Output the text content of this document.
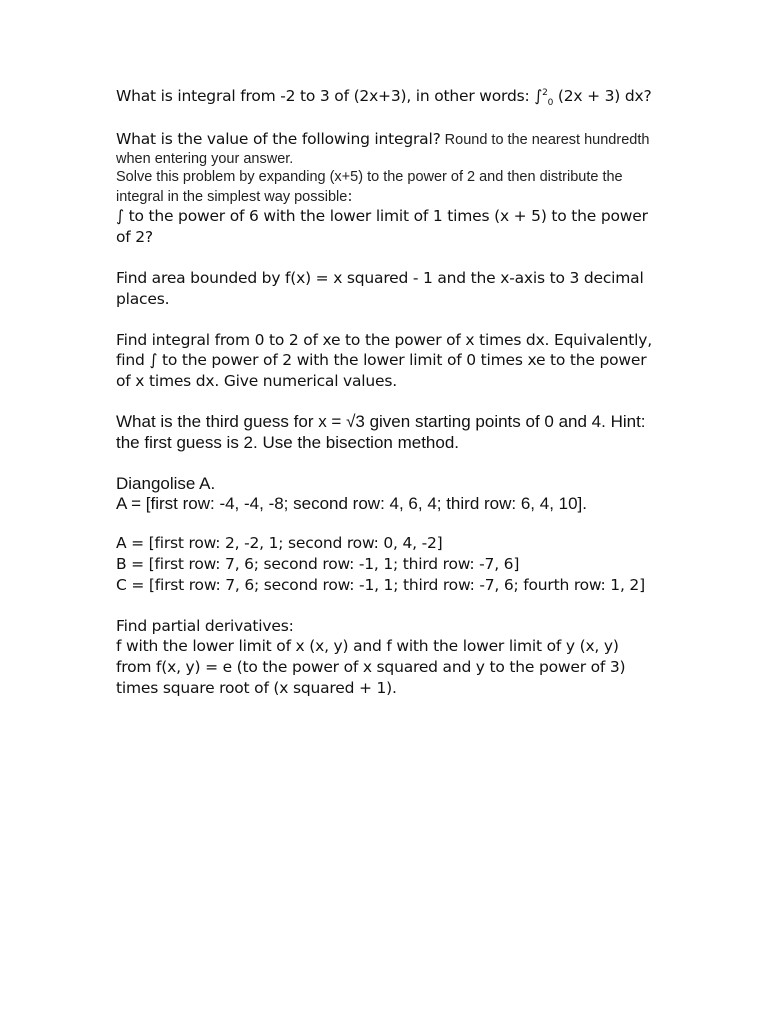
What is integral from -2 to 3 of (2x+3), in other words: ∫$^2_0$ (2x + 3) dx?

What is the value of the following integral? Round to the nearest hundredth when entering your answer.
Solve this problem by expanding (x+5) to the power of 2 and then distribute the integral in the simplest way possible:
∫ to the power of 6 with the lower limit of 1 times (x + 5) to the power of 2?

Find area bounded by f(x) = x squared - 1 and the x-axis to 3 decimal places.

Find integral from 0 to 2 of xe to the power of x times dx. Equivalently, find ∫ to the power of 2 with the lower limit of 0 times xe to the power of x times dx. Give numerical values.

What is the third guess for x = √3 given starting points of 0 and 4. Hint: the first guess is 2. Use the bisection method.

Diangolise A.
A = [first row: -4, -4, -8; second row: 4, 6, 4; third row: 6, 4, 10].
A = [first row: 2, -2, 1; second row: 0, 4, -2]
B = [first row: 7, 6; second row: -1, 1; third row: -7, 6]
C = [first row: 7, 6; second row: -1, 1; third row: -7, 6; fourth row: 1, 2]
Find partial derivatives:
f with the lower limit of x (x, y) and f with the lower limit of y (x, y) from f(x, y) = e (to the power of x squared and y to the power of 3) times square root of (x squared + 1).
